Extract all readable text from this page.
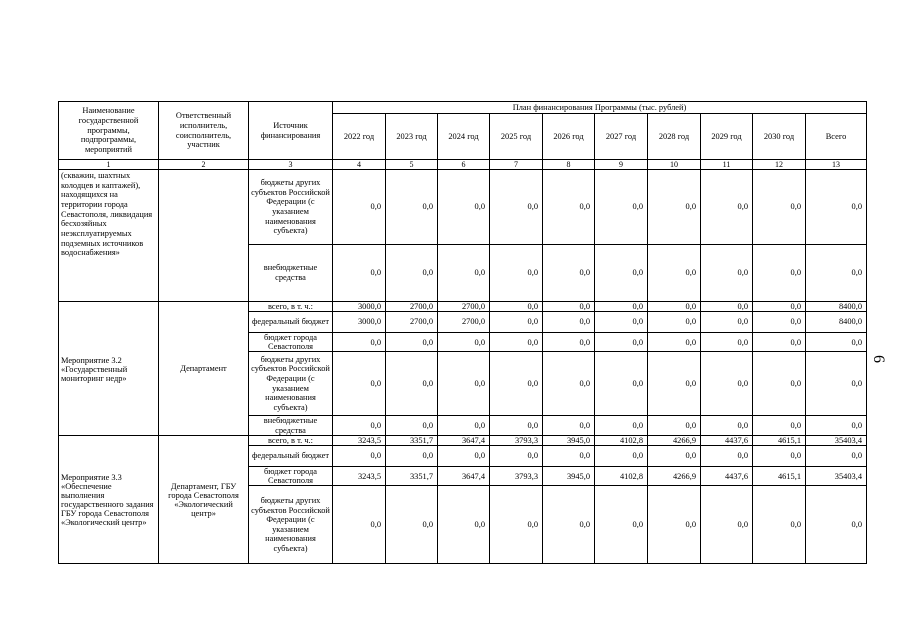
Наименование государственной программы, подпрограммы, мероприятий	Ответственный исполнитель, соисполнитель, участник	Источник финансирования	План финансирования Программы (тыс. рублей)									
			2022 год	2023 год	2024 год	2025 год	2026 год	2027 год	2028 год	2029 год	2030 год	Всего
1	2	3	4	5	6	7	8	9	10	11	12	13
(скважин, шахтных колодцев и каптажей), находящихся на территории города Севастополя, ликвидация бесхозяйных неэксплуатируемых подземных источников водоснабжения»		бюджеты других субъектов Российской Федерации (с указанием наименования субъекта)	0,0	0,0	0,0	0,0	0,0	0,0	0,0	0,0	0,0	0,0
		внебюджетные средства	0,0	0,0	0,0	0,0	0,0	0,0	0,0	0,0	0,0	0,0
Мероприятие 3.2 «Государственный мониторинг недр»	Департамент	всего, в т. ч.:	3000,0	2700,0	2700,0	0,0	0,0	0,0	0,0	0,0	0,0	8400,0
		федеральный бюджет	3000,0	2700,0	2700,0	0,0	0,0	0,0	0,0	0,0	0,0	8400,0
		бюджет города Севастополя	0,0	0,0	0,0	0,0	0,0	0,0	0,0	0,0	0,0	0,0
		бюджеты других субъектов Российской Федерации (с указанием наименования субъекта)	0,0	0,0	0,0	0,0	0,0	0,0	0,0	0,0	0,0	0,0
		внебюджетные средства	0,0	0,0	0,0	0,0	0,0	0,0	0,0	0,0	0,0	0,0
Мероприятие 3.3 «Обеспечение выполнения государственного задания ГБУ города Севастополя «Экологический центр»	Департамент, ГБУ города Севастополя «Экологический центр»	всего, в т. ч.:	3243,5	3351,7	3647,4	3793,3	3945,0	4102,8	4266,9	4437,6	4615,1	35403,4
		федеральный бюджет	0,0	0,0	0,0	0,0	0,0	0,0	0,0	0,0	0,0	0,0
		бюджет города Севастополя	3243,5	3351,7	3647,4	3793,3	3945,0	4102,8	4266,9	4437,6	4615,1	35403,4
		бюджеты других субъектов Российской Федерации (с указанием наименования субъекта)	0,0	0,0	0,0	0,0	0,0	0,0	0,0	0,0	0,0	0,0
6
